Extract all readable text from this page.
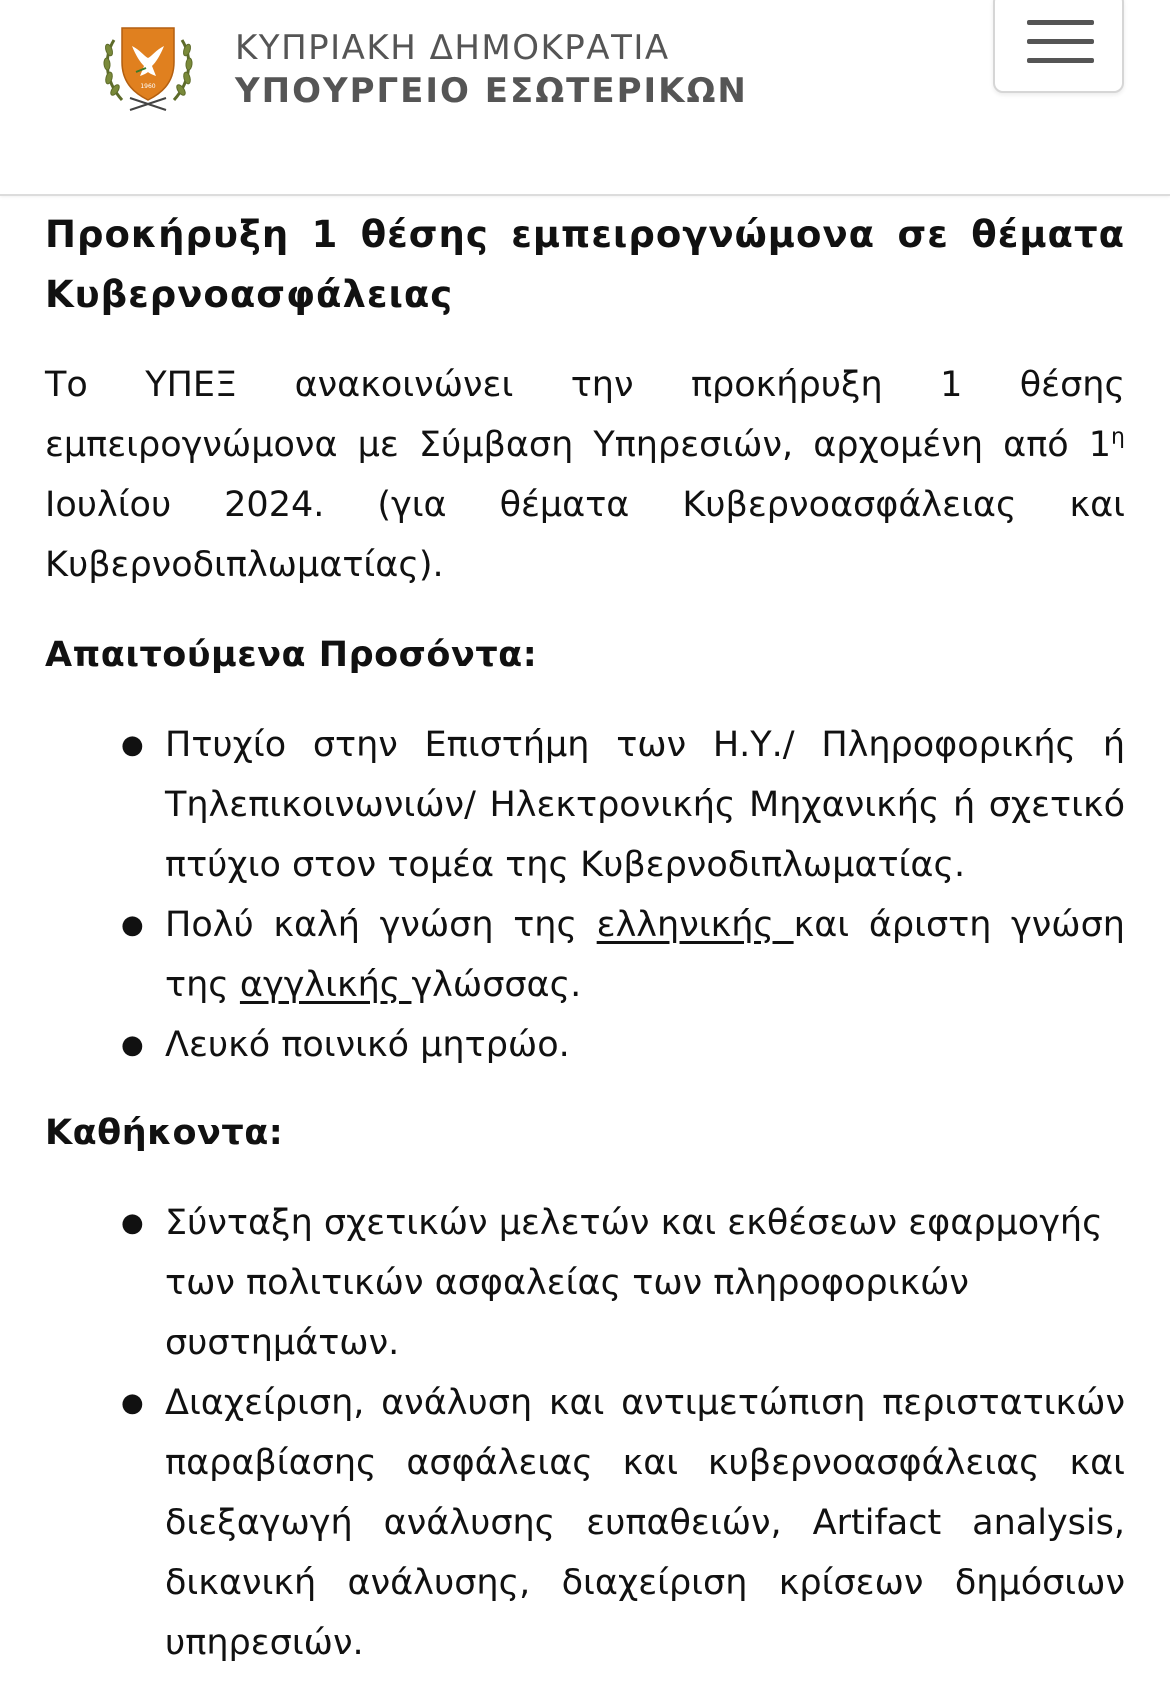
1960
ΚΥΠΡΙΑΚΗ ΔΗΜΟΚΡΑΤΙΑ
ΥΠΟΥΡΓΕΙΟ ΕΣΩΤΕΡΙΚΩΝ
Προκήρυξη 1 θέσης εμπειρογνώμονα σε θέματα Κυβερνοασφάλειας

Το ΥΠΕΞ ανακοινώνει την προκήρυξη 1 θέσης εμπειρογνώμονα με Σύμβαση Υπηρεσιών, αρχομένη από $1^\eta$ Ιουλίου 2024. (για θέματα Κυβερνοασφάλειας και Κυβερνοδιπλωματίας).

Απαιτούμενα Προσόντα:
● Πτυχίο στην Επιστήμη των Η.Υ./ Πληροφορικής ή Τηλεπικοινωνιών/ Ηλεκτρονικής Μηχανικής ή σχετικό πτύχιο στον τομέα της Κυβερνοδιπλωματίας.
● Πολύ καλή γνώση της ελληνικής και άριστη γνώση της αγγλικής γλώσσας.
● Λευκό ποινικό μητρώο.
Καθήκοντα:
● Σύνταξη σχετικών μελετών και εκθέσεων εφαρμογής των πολιτικών ασφαλείας των πληροφορικών συστημάτων.
● Διαχείριση, ανάλυση και αντιμετώπιση περιστατικών παραβίασης ασφάλειας και κυβερνοασφάλειας και διεξαγωγή ανάλυσης ευπαθειών, Artifact analysis, δικανική ανάλυσης, διαχείριση κρίσεων δημόσιων υπηρεσιών.
